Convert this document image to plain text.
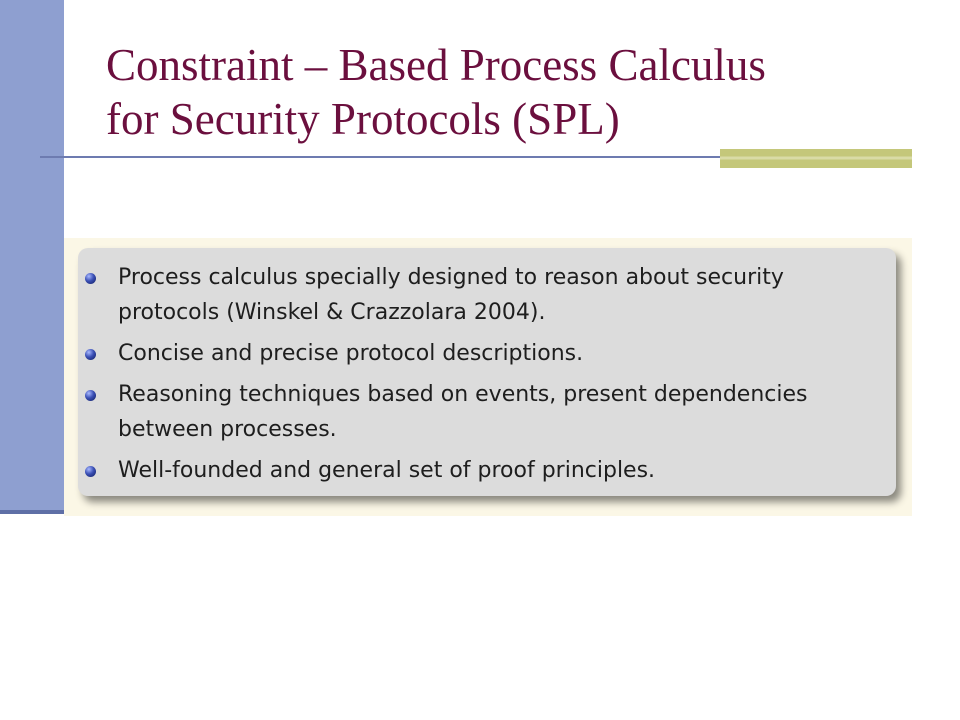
Constraint – Based Process Calculus
for Security Protocols (SPL)
Process calculus specially designed to reason about security protocols (Winskel & Crazzolara 2004).
Concise and precise protocol descriptions.
Reasoning techniques based on events, present dependencies between processes.
Well-founded and general set of proof principles.
